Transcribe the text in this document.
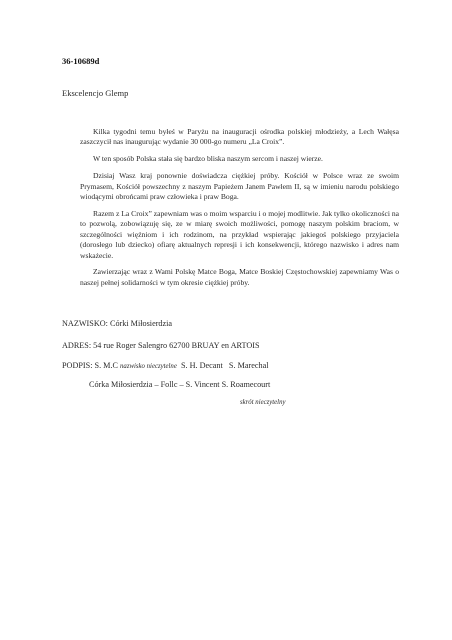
36-10689d

Ekscelencjo Glemp

Kilka tygodni temu byłeś w Paryżu na inauguracji ośrodka polskiej młodzieży, a Lech Wałęsa zaszczycił nas inaugurując wydanie 30 000-go numeru „La Croix”.

W ten sposób Polska stała się bardzo bliska naszym sercom i naszej wierze.

Dzisiaj Wasz kraj ponownie doświadcza ciężkiej próby. Kościół w Polsce wraz ze swoim Prymasem, Kościół powszechny z naszym Papieżem Janem Pawłem II, są w imieniu narodu polskiego wiodącymi obrońcami praw człowieka i praw Boga.

Razem z La Croix” zapewniam was o moim wsparciu i o mojej modlitwie. Jak tylko okoliczności na to pozwolą, zobowiązuję się, ze w miarę swoich możliwości, pomogę naszym polskim braciom, w szczególności więźniom i ich rodzinom, na przykład wspierając jakiegoś polskiego przyjaciela (dorosłego lub dziecko) ofiarę aktualnych represji i ich konsekwencji, którego nazwisko i adres nam wskażecie.

Zawierzając wraz z Wami Polskę Matce Boga, Matce Boskiej Częstochowskiej zapewniamy Was o naszej pełnej solidarności w tym okresie ciężkiej próby.

NAZWISKO: Córki Miłosierdzia

ADRES: 54 rue Roger Salengro 62700 BRUAY en ARTOIS

PODPIS: S. M.C nazwisko nieczytelne  S. H. Decant   S. Marechal

Córka Miłosierdzia – Follc – S. Vincent S. Roamecourt

skrót nieczytelny
